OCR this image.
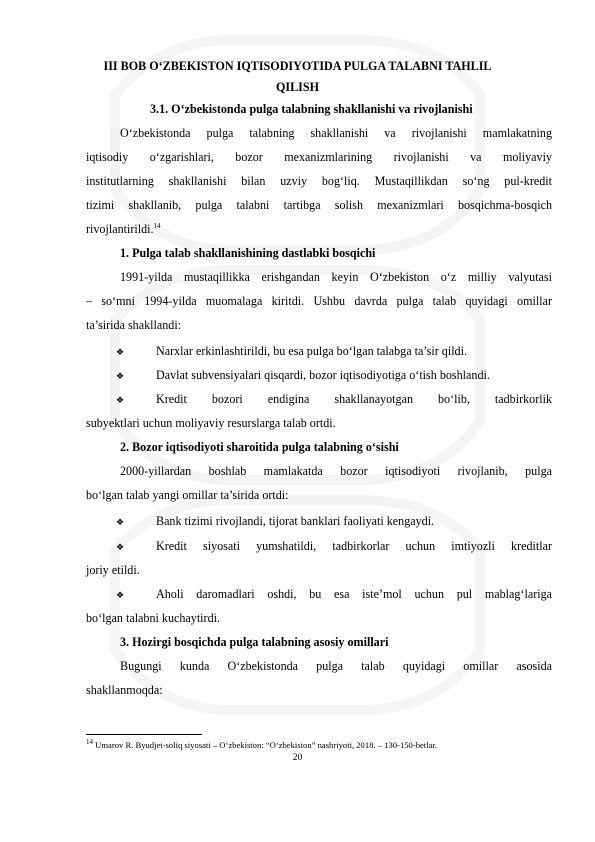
III BOB O‘ZBEKISTON IQTISODIYOTIDA PULGA TALABNI TAHLIL
QILISH
3.1. O‘zbekistonda pulga talabning shakllanishi va rivojlanishi
O‘zbekistonda pulga talabning shakllanishi va rivojlanishi mamlakatning
iqtisodiy o‘zgarishlari, bozor mexanizmlarining rivojlanishi va moliyaviy
institutlarning shakllanishi bilan uzviy bog‘liq. Mustaqillikdan so‘ng pul-kredit
tizimi shakllanib, pulga talabni tartibga solish mexanizmlari bosqichma-bosqich
rivojlantirildi.$^{14}$
1. Pulga talab shakllanishining dastlabki bosqichi
1991-yilda mustaqillikka erishgandan keyin O‘zbekiston o‘z milliy valyutasi
– so‘mni 1994-yilda muomalaga kiritdi. Ushbu davrda pulga talab quyidagi omillar
ta’sirida shakllandi:
❖	Narxlar erkinlashtirildi, bu esa pulga bo‘lgan talabga ta’sir qildi.
❖	Davlat subvensiyalari qisqardi, bozor iqtisodiyotiga o‘tish boshlandi.
❖	Kredit bozori endigina shakllanayotgan bo‘lib, tadbirkorlik
subyektlari uchun moliyaviy resurslarga talab ortdi.
2. Bozor iqtisodiyoti sharoitida pulga talabning o‘sishi
2000-yillardan boshlab mamlakatda bozor iqtisodiyoti rivojlanib, pulga
bo‘lgan talab yangi omillar ta’sirida ortdi:
❖	Bank tizimi rivojlandi, tijorat banklari faoliyati kengaydi.
❖	Kredit siyosati yumshatildi, tadbirkorlar uchun imtiyozli kreditlar
joriy etildi.
❖	Aholi daromadlari oshdi, bu esa iste’mol uchun pul mablag‘lariga
bo‘lgan talabni kuchaytirdi.
3. Hozirgi bosqichda pulga talabning asosiy omillari
Bugungi kunda O‘zbekistonda pulga talab quyidagi omillar asosida
shakllanmoqda:
$^{14}$ Umarov R. Byudjet-soliq siyosati – O‘zbekiston: “O‘zbekiston” nashriyoti, 2018. – 130-150-betlar.
20
